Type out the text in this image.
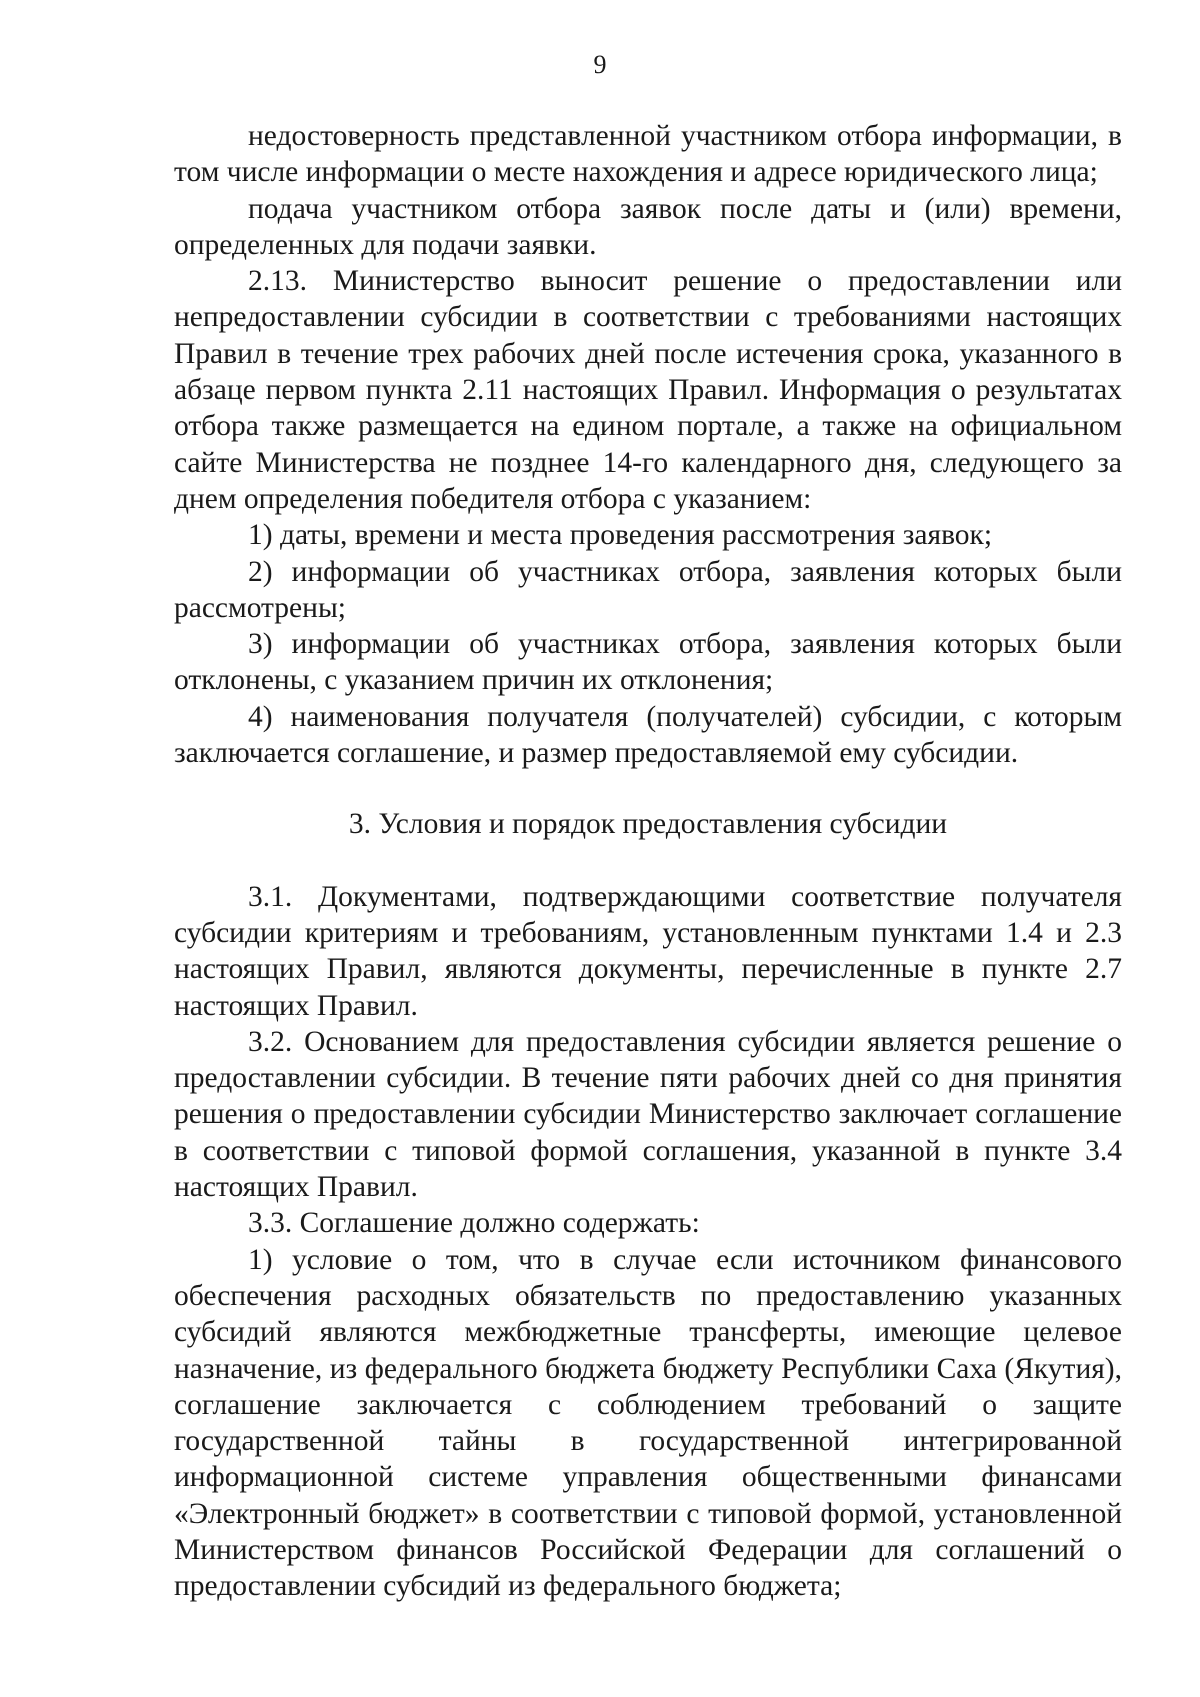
9

недостоверность представленной участником отбора информации, в том числе информации о месте нахождения и адресе юридического лица;

подача участником отбора заявок после даты и (или) времени, определенных для подачи заявки.

2.13. Министерство выносит решение о предоставлении или непредоставлении субсидии в соответствии с требованиями настоящих Правил в течение трех рабочих дней после истечения срока, указанного в абзаце первом пункта 2.11 настоящих Правил. Информация о результатах отбора также размещается на едином портале, а также на официальном сайте Министерства не позднее 14-го календарного дня, следующего за днем определения победителя отбора с указанием:

1) даты, времени и места проведения рассмотрения заявок;

2) информации об участниках отбора, заявления которых были рассмотрены;

3) информации об участниках отбора, заявления которых были отклонены, с указанием причин их отклонения;

4) наименования получателя (получателей) субсидии, с которым заключается соглашение, и размер предоставляемой ему субсидии.

3. Условия и порядок предоставления субсидии

3.1. Документами, подтверждающими соответствие получателя субсидии критериям и требованиям, установленным пунктами 1.4 и 2.3 настоящих Правил, являются документы, перечисленные в пункте 2.7 настоящих Правил.

3.2. Основанием для предоставления субсидии является решение о предоставлении субсидии. В течение пяти рабочих дней со дня принятия решения о предоставлении субсидии Министерство заключает соглашение в соответствии с типовой формой соглашения, указанной в пункте 3.4 настоящих Правил.

3.3. Соглашение должно содержать:

1) условие о том, что в случае если источником финансового обеспечения расходных обязательств по предоставлению указанных субсидий являются межбюджетные трансферты, имеющие целевое назначение, из федерального бюджета бюджету Республики Саха (Якутия), соглашение заключается с соблюдением требований о защите государственной тайны в государственной интегрированной информационной системе управления общественными финансами «Электронный бюджет» в соответствии с типовой формой, установленной Министерством финансов Российской Федерации для соглашений о предоставлении субсидий из федерального бюджета;
